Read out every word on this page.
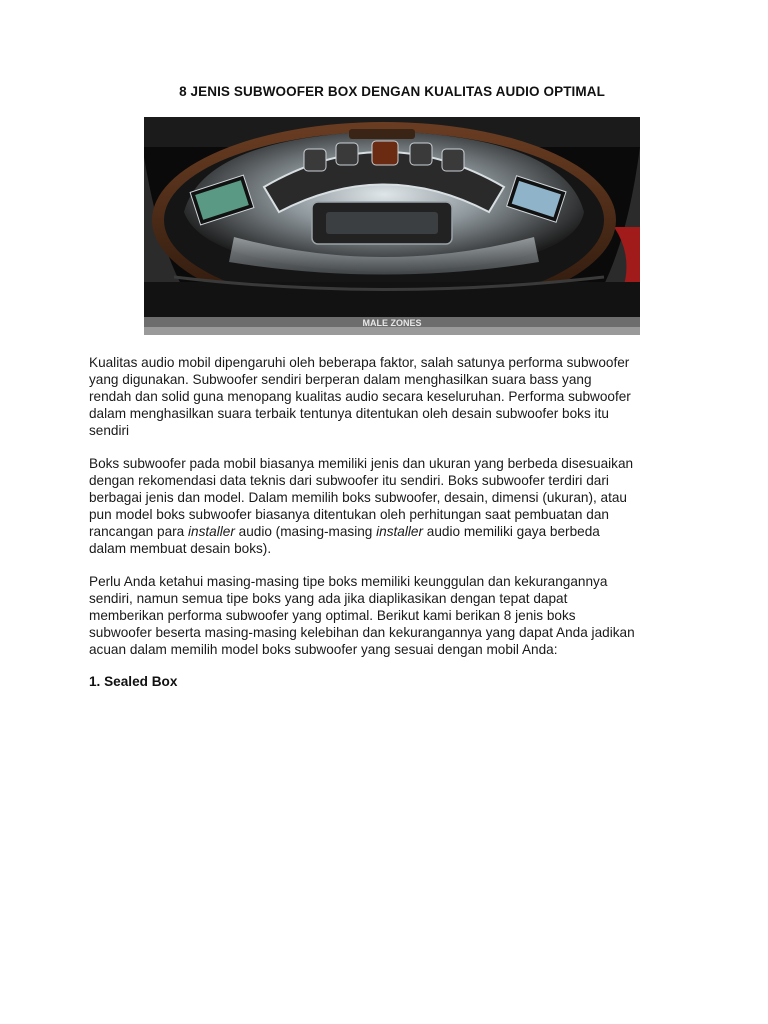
8 JENIS SUBWOOFER BOX DENGAN KUALITAS AUDIO OPTIMAL
MALE ZONES

Kualitas audio mobil dipengaruhi oleh beberapa faktor, salah satunya performa subwoofer
yang digunakan. Subwoofer sendiri berperan dalam menghasilkan suara bass yang
rendah dan solid guna menopang kualitas audio secara keseluruhan. Performa subwoofer
dalam menghasilkan suara terbaik tentunya ditentukan oleh desain subwoofer boks itu
sendiri

Boks subwoofer pada mobil biasanya memiliki jenis dan ukuran yang berbeda disesuaikan
dengan rekomendasi data teknis dari subwoofer itu sendiri. Boks subwoofer terdiri dari
berbagai jenis dan model. Dalam memilih boks subwoofer, desain, dimensi (ukuran), atau
pun model boks subwoofer biasanya ditentukan oleh perhitungan saat pembuatan dan
rancangan para installer audio (masing-masing installer audio memiliki gaya berbeda
dalam membuat desain boks).

Perlu Anda ketahui masing-masing tipe boks memiliki keunggulan dan kekurangannya
sendiri, namun semua tipe boks yang ada jika diaplikasikan dengan tepat dapat
memberikan performa subwoofer yang optimal. Berikut kami berikan 8 jenis boks
subwoofer beserta masing-masing kelebihan dan kekurangannya yang dapat Anda jadikan
acuan dalam memilih model boks subwoofer yang sesuai dengan mobil Anda:

1. Sealed Box
